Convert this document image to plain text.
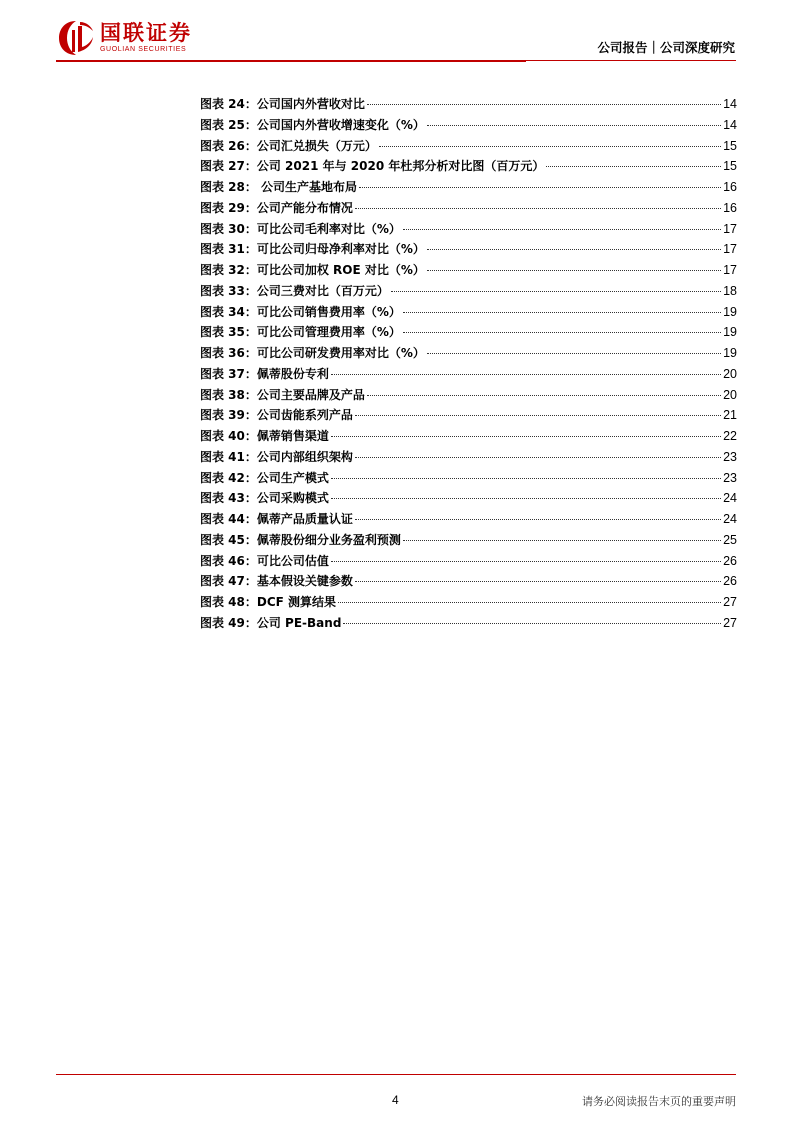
国联证券
GUOLIAN SECURITIES	公司报告｜公司深度研究
图表 24：公司国内外营收对比	14
图表 25：公司国内外营收增速变化（%）	14
图表 26：公司汇兑损失（万元）	15
图表 27：公司 2021 年与 2020 年杜邦分析对比图（百万元）	15
图表 28： 公司生产基地布局	16
图表 29：公司产能分布情况	16
图表 30：可比公司毛利率对比（%）	17
图表 31：可比公司归母净利率对比（%）	17
图表 32：可比公司加权 ROE 对比（%）	17
图表 33：公司三费对比（百万元）	18
图表 34：可比公司销售费用率（%）	19
图表 35：可比公司管理费用率（%）	19
图表 36：可比公司研发费用率对比（%）	19
图表 37：佩蒂股份专利	20
图表 38：公司主要品牌及产品	20
图表 39：公司齿能系列产品	21
图表 40：佩蒂销售渠道	22
图表 41：公司内部组织架构	23
图表 42：公司生产模式	23
图表 43：公司采购模式	24
图表 44：佩蒂产品质量认证	24
图表 45：佩蒂股份细分业务盈利预测	25
图表 46：可比公司估值	26
图表 47：基本假设关键参数	26
图表 48：DCF 测算结果	27
图表 49：公司 PE-Band	27
4	请务必阅读报告末页的重要声明
